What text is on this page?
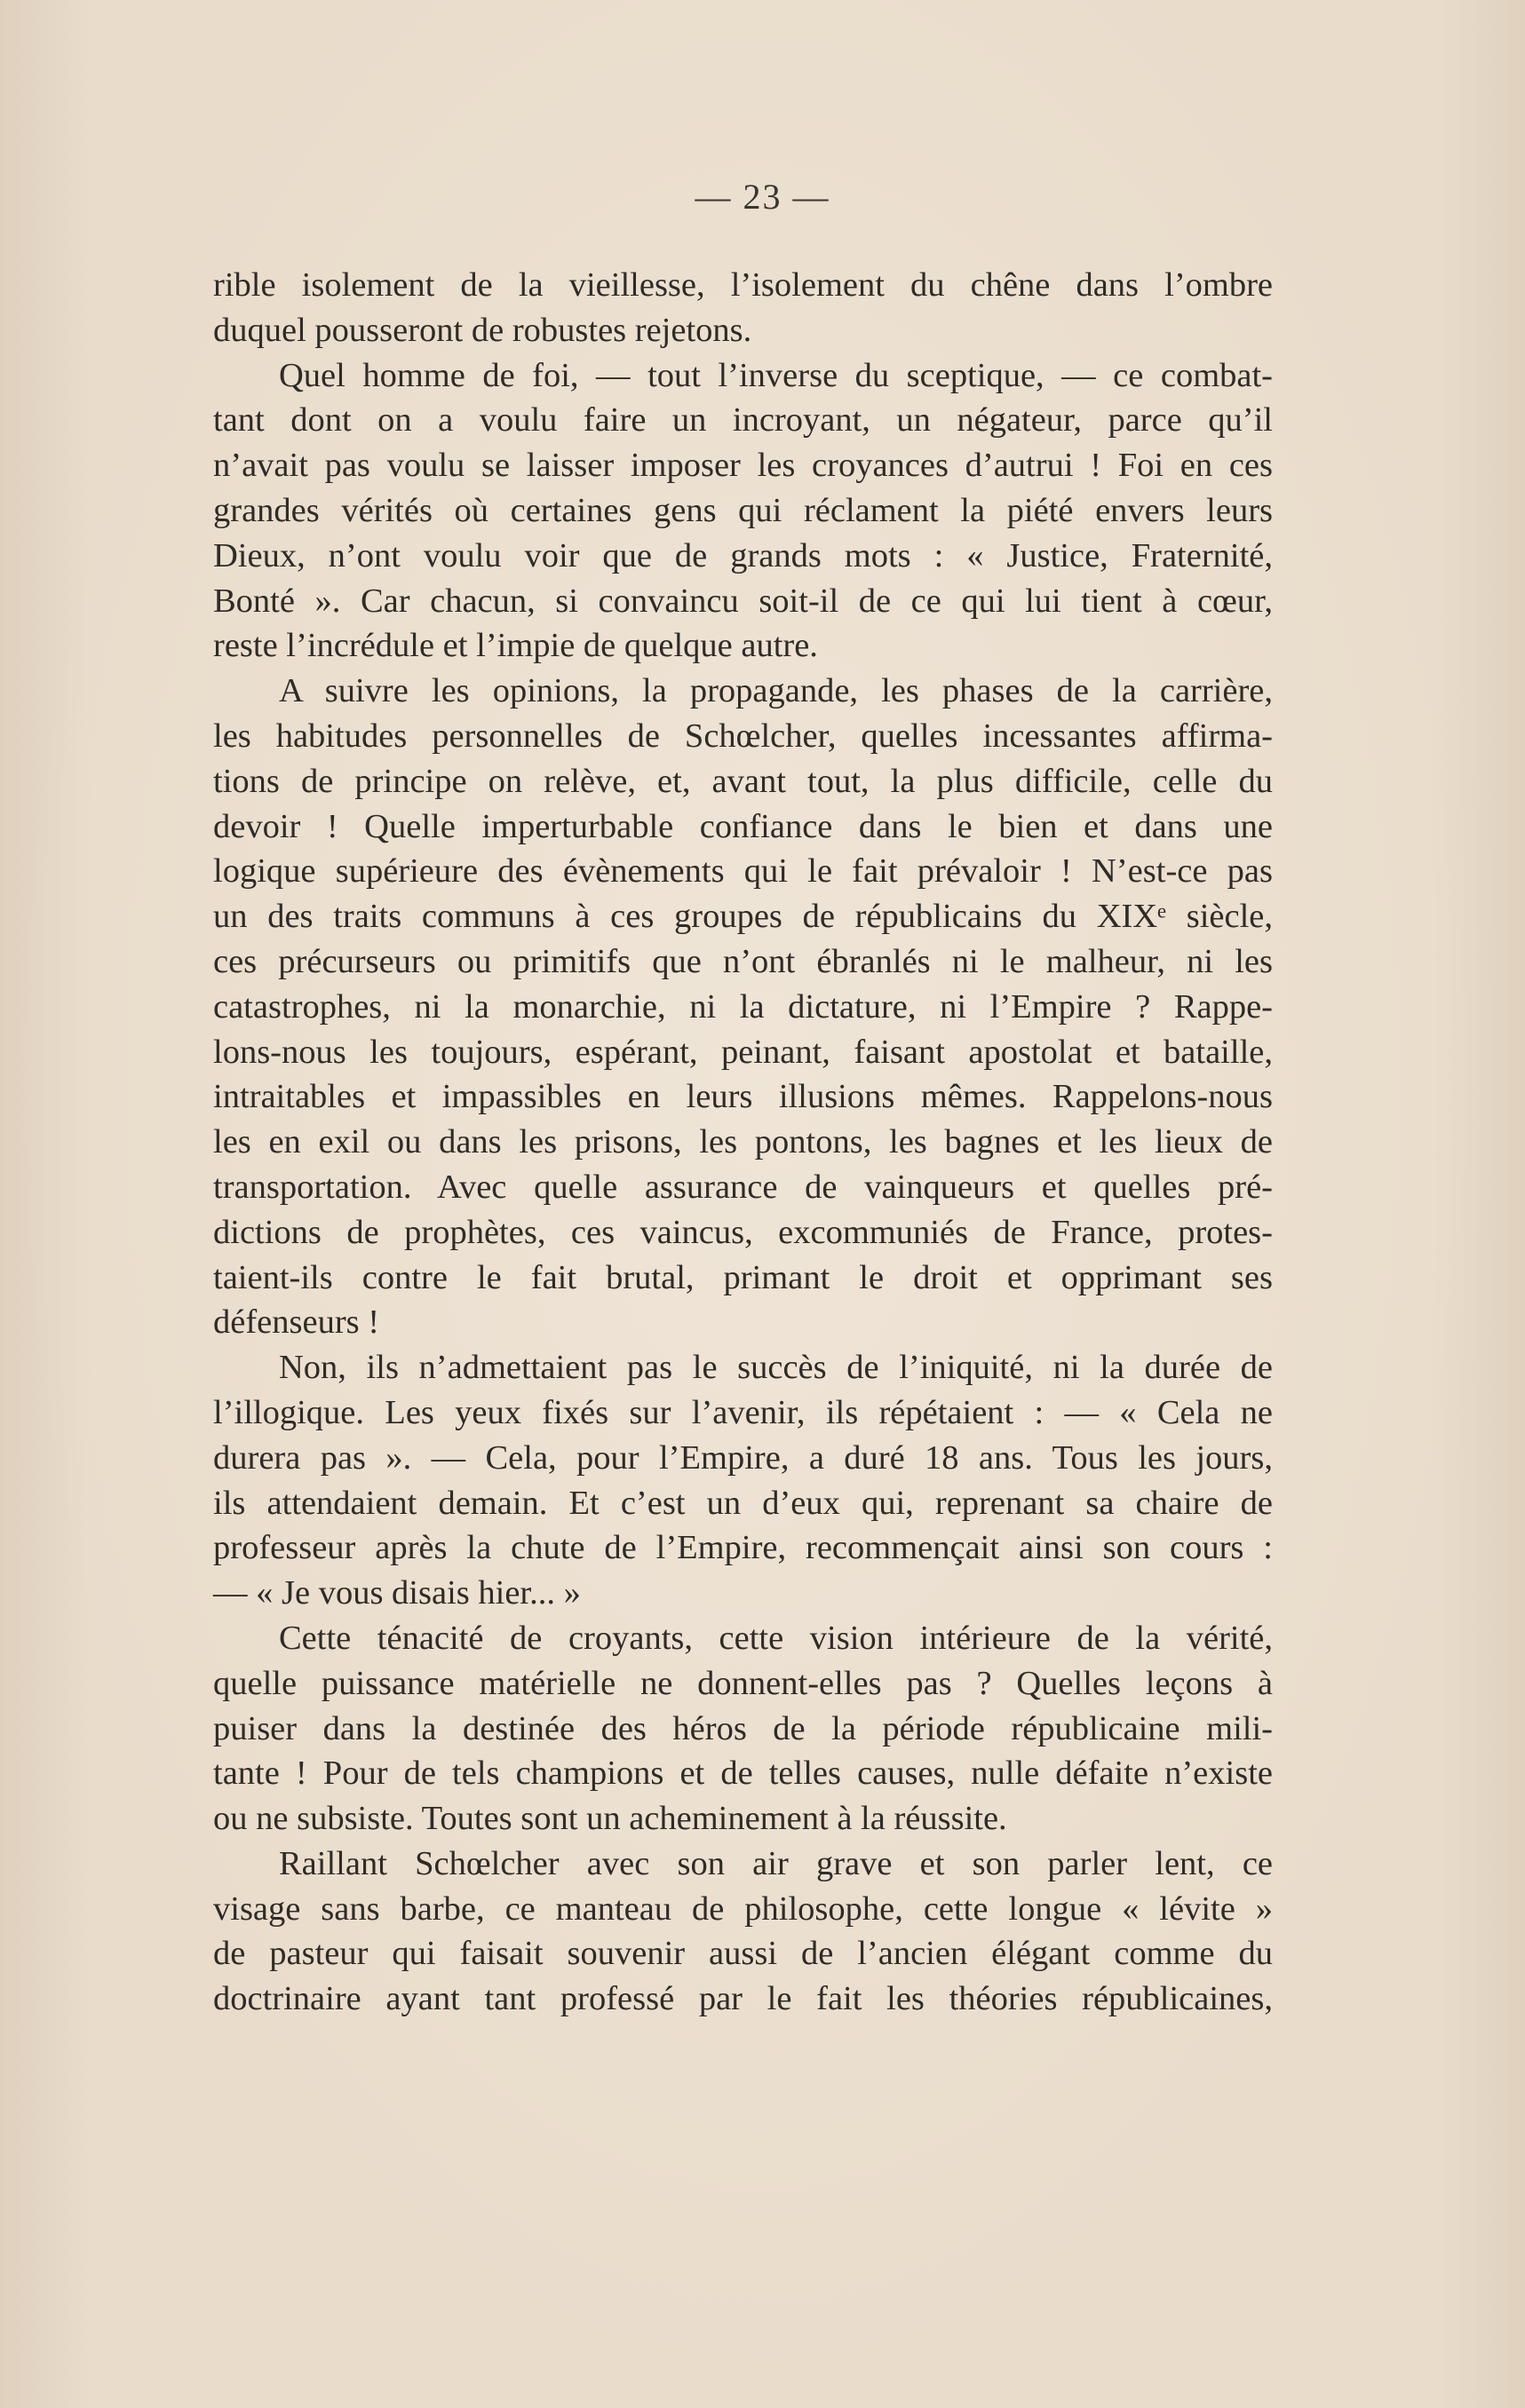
— 23 —
rible isolement de la vieillesse, l’isolement du chêne dans l’ombre
duquel pousseront de robustes rejetons.
Quel homme de foi, — tout l’inverse du sceptique, — ce combat-
tant dont on a voulu faire un incroyant, un négateur, parce qu’il
n’avait pas voulu se laisser imposer les croyances d’autrui ! Foi en ces
grandes vérités où certaines gens qui réclament la piété envers leurs
Dieux, n’ont voulu voir que de grands mots : « Justice, Fraternité,
Bonté ». Car chacun, si convaincu soit-il de ce qui lui tient à cœur,
reste l’incrédule et l’impie de quelque autre.
A suivre les opinions, la propagande, les phases de la carrière,
les habitudes personnelles de Schœlcher, quelles incessantes affirma-
tions de principe on relève, et, avant tout, la plus difficile, celle du
devoir ! Quelle imperturbable confiance dans le bien et dans une
logique supérieure des évènements qui le fait prévaloir ! N’est-ce pas
un des traits communs à ces groupes de républicains du XIXᵉ siècle,
ces précurseurs ou primitifs que n’ont ébranlés ni le malheur, ni les
catastrophes, ni la monarchie, ni la dictature, ni l’Empire ? Rappe-
lons-nous les toujours, espérant, peinant, faisant apostolat et bataille,
intraitables et impassibles en leurs illusions mêmes. Rappelons-nous
les en exil ou dans les prisons, les pontons, les bagnes et les lieux de
transportation. Avec quelle assurance de vainqueurs et quelles pré-
dictions de prophètes, ces vaincus, excommuniés de France, protes-
taient-ils contre le fait brutal, primant le droit et opprimant ses
défenseurs !
Non, ils n’admettaient pas le succès de l’iniquité, ni la durée de
l’illogique. Les yeux fixés sur l’avenir, ils répétaient : — « Cela ne
durera pas ». — Cela, pour l’Empire, a duré 18 ans. Tous les jours,
ils attendaient demain. Et c’est un d’eux qui, reprenant sa chaire de
professeur après la chute de l’Empire, recommençait ainsi son cours :
— « Je vous disais hier... »
Cette ténacité de croyants, cette vision intérieure de la vérité,
quelle puissance matérielle ne donnent-elles pas ? Quelles leçons à
puiser dans la destinée des héros de la période républicaine mili-
tante ! Pour de tels champions et de telles causes, nulle défaite n’existe
ou ne subsiste. Toutes sont un acheminement à la réussite.
Raillant Schœlcher avec son air grave et son parler lent, ce
visage sans barbe, ce manteau de philosophe, cette longue « lévite »
de pasteur qui faisait souvenir aussi de l’ancien élégant comme du
doctrinaire ayant tant professé par le fait les théories républicaines,
